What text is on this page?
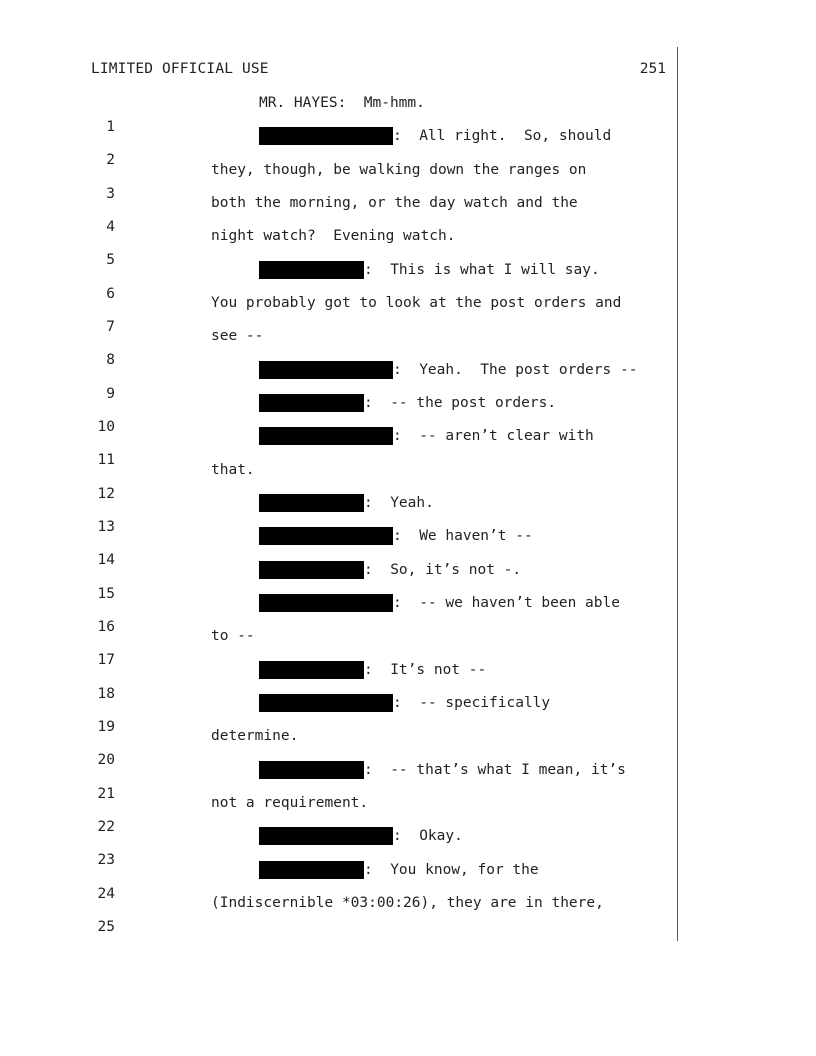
LIMITED OFFICIAL USE	251

1

MR. HAYES:  Mm-hmm.

2

:  All right.  So, should

3

they, though, be walking down the ranges on

4

both the morning, or the day watch and the

5

night watch?  Evening watch.

6

:  This is what I will say.

7

You probably got to look at the post orders and

8

see --

9

:  Yeah.  The post orders --

10

:  -- the post orders.

11

:  -- aren’t clear with

12

that.

13

:  Yeah.

14

:  We haven’t --

15

:  So, it’s not -.

16

:  -- we haven’t been able

17

to --

18

:  It’s not --

19

:  -- specifically

20

determine.

21

:  -- that’s what I mean, it’s

22

not a requirement.

23

:  Okay.

24

:  You know, for the

25

(Indiscernible *03:00:26), they are in there,
